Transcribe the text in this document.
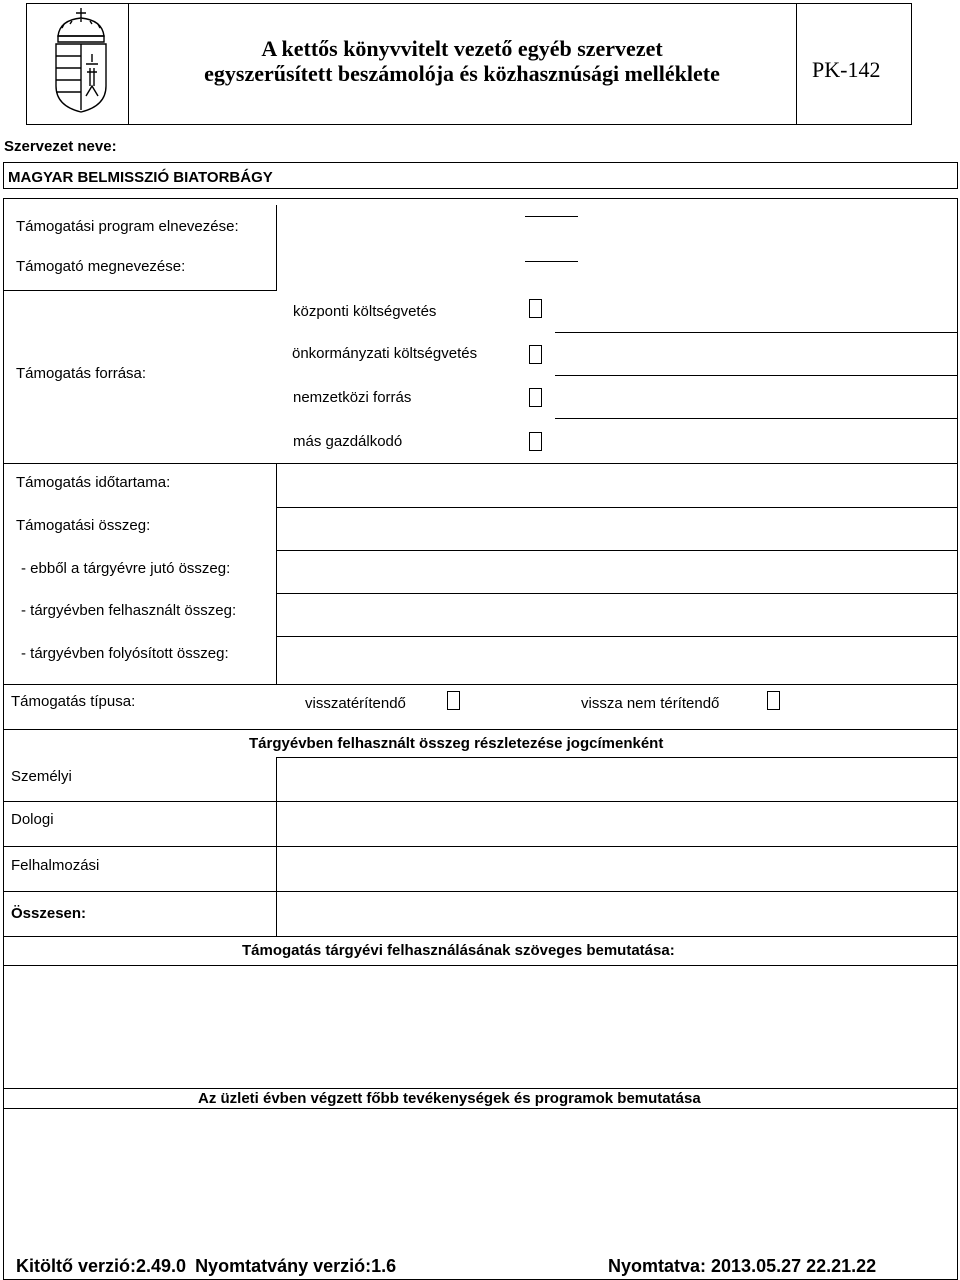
A kettős könyvvitelt vezető egyéb szervezet
egyszerűsített beszámolója és közhasznúsági melléklete	PK-142
Szervezet neve:
MAGYAR BELMISSZIÓ BIATORBÁGY
Támogatási program elnevezése:
Támogató megnevezése:
Támogatás forrása:
központi költségvetés
önkormányzati költségvetés
nemzetközi forrás
más gazdálkodó
Támogatás időtartama:
Támogatási összeg:
- ebből a tárgyévre jutó összeg:
- tárgyévben felhasznált összeg:
- tárgyévben folyósított összeg:
Támogatás típusa:	visszatérítendő	vissza nem térítendő
Tárgyévben felhasznált összeg részletezése jogcímenként
Személyi
Dologi
Felhalmozási
Összesen:
Támogatás tárgyévi felhasználásának szöveges bemutatása:
Az üzleti évben végzett főbb tevékenységek és programok bemutatása
Kitöltő verzió:2.49.0 Nyomtatvány verzió:1.6	Nyomtatva: 2013.05.27 22.21.22
